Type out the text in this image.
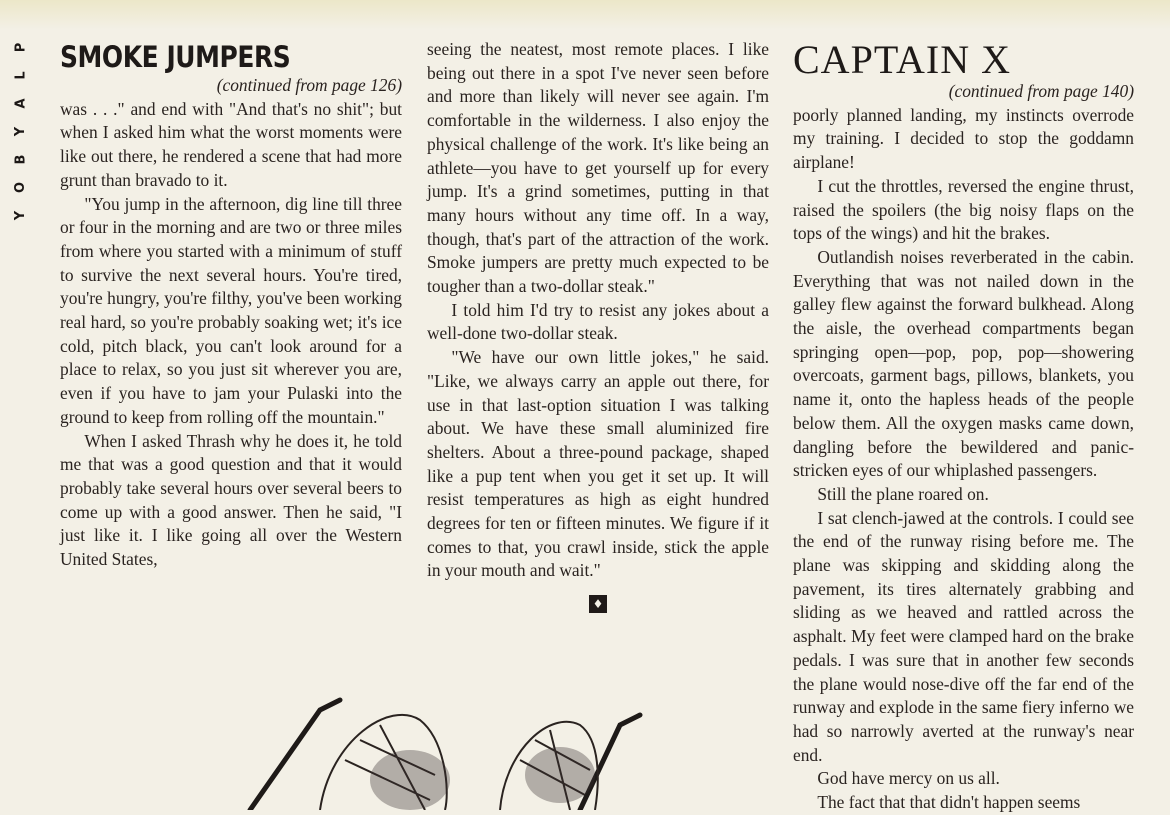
P
L
A
Y
B
O
Y
SMOKE JUMPERS

(continued from page 126)

was . . ." and end with "And that's no shit"; but when I asked him what the worst moments were like out there, he rendered a scene that had more grunt than bravado to it.

"You jump in the afternoon, dig line till three or four in the morning and are two or three miles from where you started with a minimum of stuff to survive the next several hours. You're tired, you're hungry, you're filthy, you've been working real hard, so you're probably soaking wet; it's ice cold, pitch black, you can't look around for a place to relax, so you just sit wherever you are, even if you have to jam your Pulaski into the ground to keep from rolling off the mountain."

When I asked Thrash why he does it, he told me that was a good question and that it would probably take several hours over several beers to come up with a good answer. Then he said, "I just like it. I like going all over the Western United States,

seeing the neatest, most remote places. I like being out there in a spot I've never seen before and more than likely will never see again. I'm comfortable in the wilderness. I also enjoy the physical challenge of the work. It's like being an athlete—you have to get yourself up for every jump. It's a grind sometimes, putting in that many hours without any time off. In a way, though, that's part of the attraction of the work. Smoke jumpers are pretty much expected to be tougher than a two-dollar steak."

I told him I'd try to resist any jokes about a well-done two-dollar steak.

"We have our own little jokes," he said. "Like, we always carry an apple out there, for use in that last-option situation I was talking about. We have these small aluminized fire shelters. About a three-pound package, shaped like a pup tent when you get it set up. It will resist temperatures as high as eight hundred degrees for ten or fifteen minutes. We figure if it comes to that, you crawl inside, stick the apple in your mouth and wait."

♦
CAPTAIN X

(continued from page 140)

poorly planned landing, my instincts overrode my training. I decided to stop the goddamn airplane!

I cut the throttles, reversed the engine thrust, raised the spoilers (the big noisy flaps on the tops of the wings) and hit the brakes.

Outlandish noises reverberated in the cabin. Everything that was not nailed down in the galley flew against the forward bulkhead. Along the aisle, the overhead compartments began springing open—pop, pop, pop—showering overcoats, garment bags, pillows, blankets, you name it, onto the hapless heads of the people below them. All the oxygen masks came down, dangling before the bewildered and panic-stricken eyes of our whiplashed passengers.

Still the plane roared on.

I sat clench-jawed at the controls. I could see the end of the runway rising before me. The plane was skipping and skidding along the pavement, its tires alternately grabbing and sliding as we heaved and rattled across the asphalt. My feet were clamped hard on the brake pedals. I was sure that in another few seconds the plane would nose-dive off the far end of the runway and explode in the same fiery inferno we had so narrowly averted at the runway's near end.

God have mercy on us all.

The fact that that didn't happen seems
